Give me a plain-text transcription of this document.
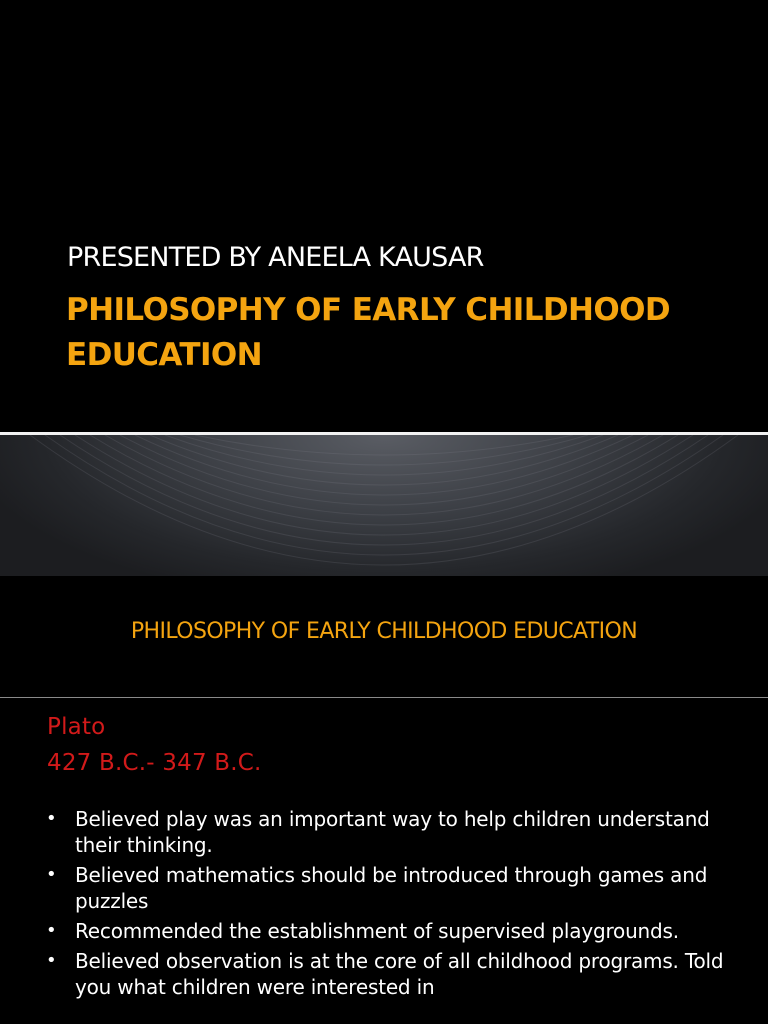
PRESENTED BY ANEELA KAUSAR
PHILOSOPHY OF EARLY CHILDHOOD EDUCATION
PHILOSOPHY OF EARLY CHILDHOOD EDUCATION
Plato
427 B.C.- 347 B.C.
• Believed play was an important way to help children understand their thinking.
• Believed mathematics should be introduced through games and puzzles
• Recommended the establishment of supervised playgrounds.
• Believed observation is at the core of all childhood programs. Told you what children were interested in
